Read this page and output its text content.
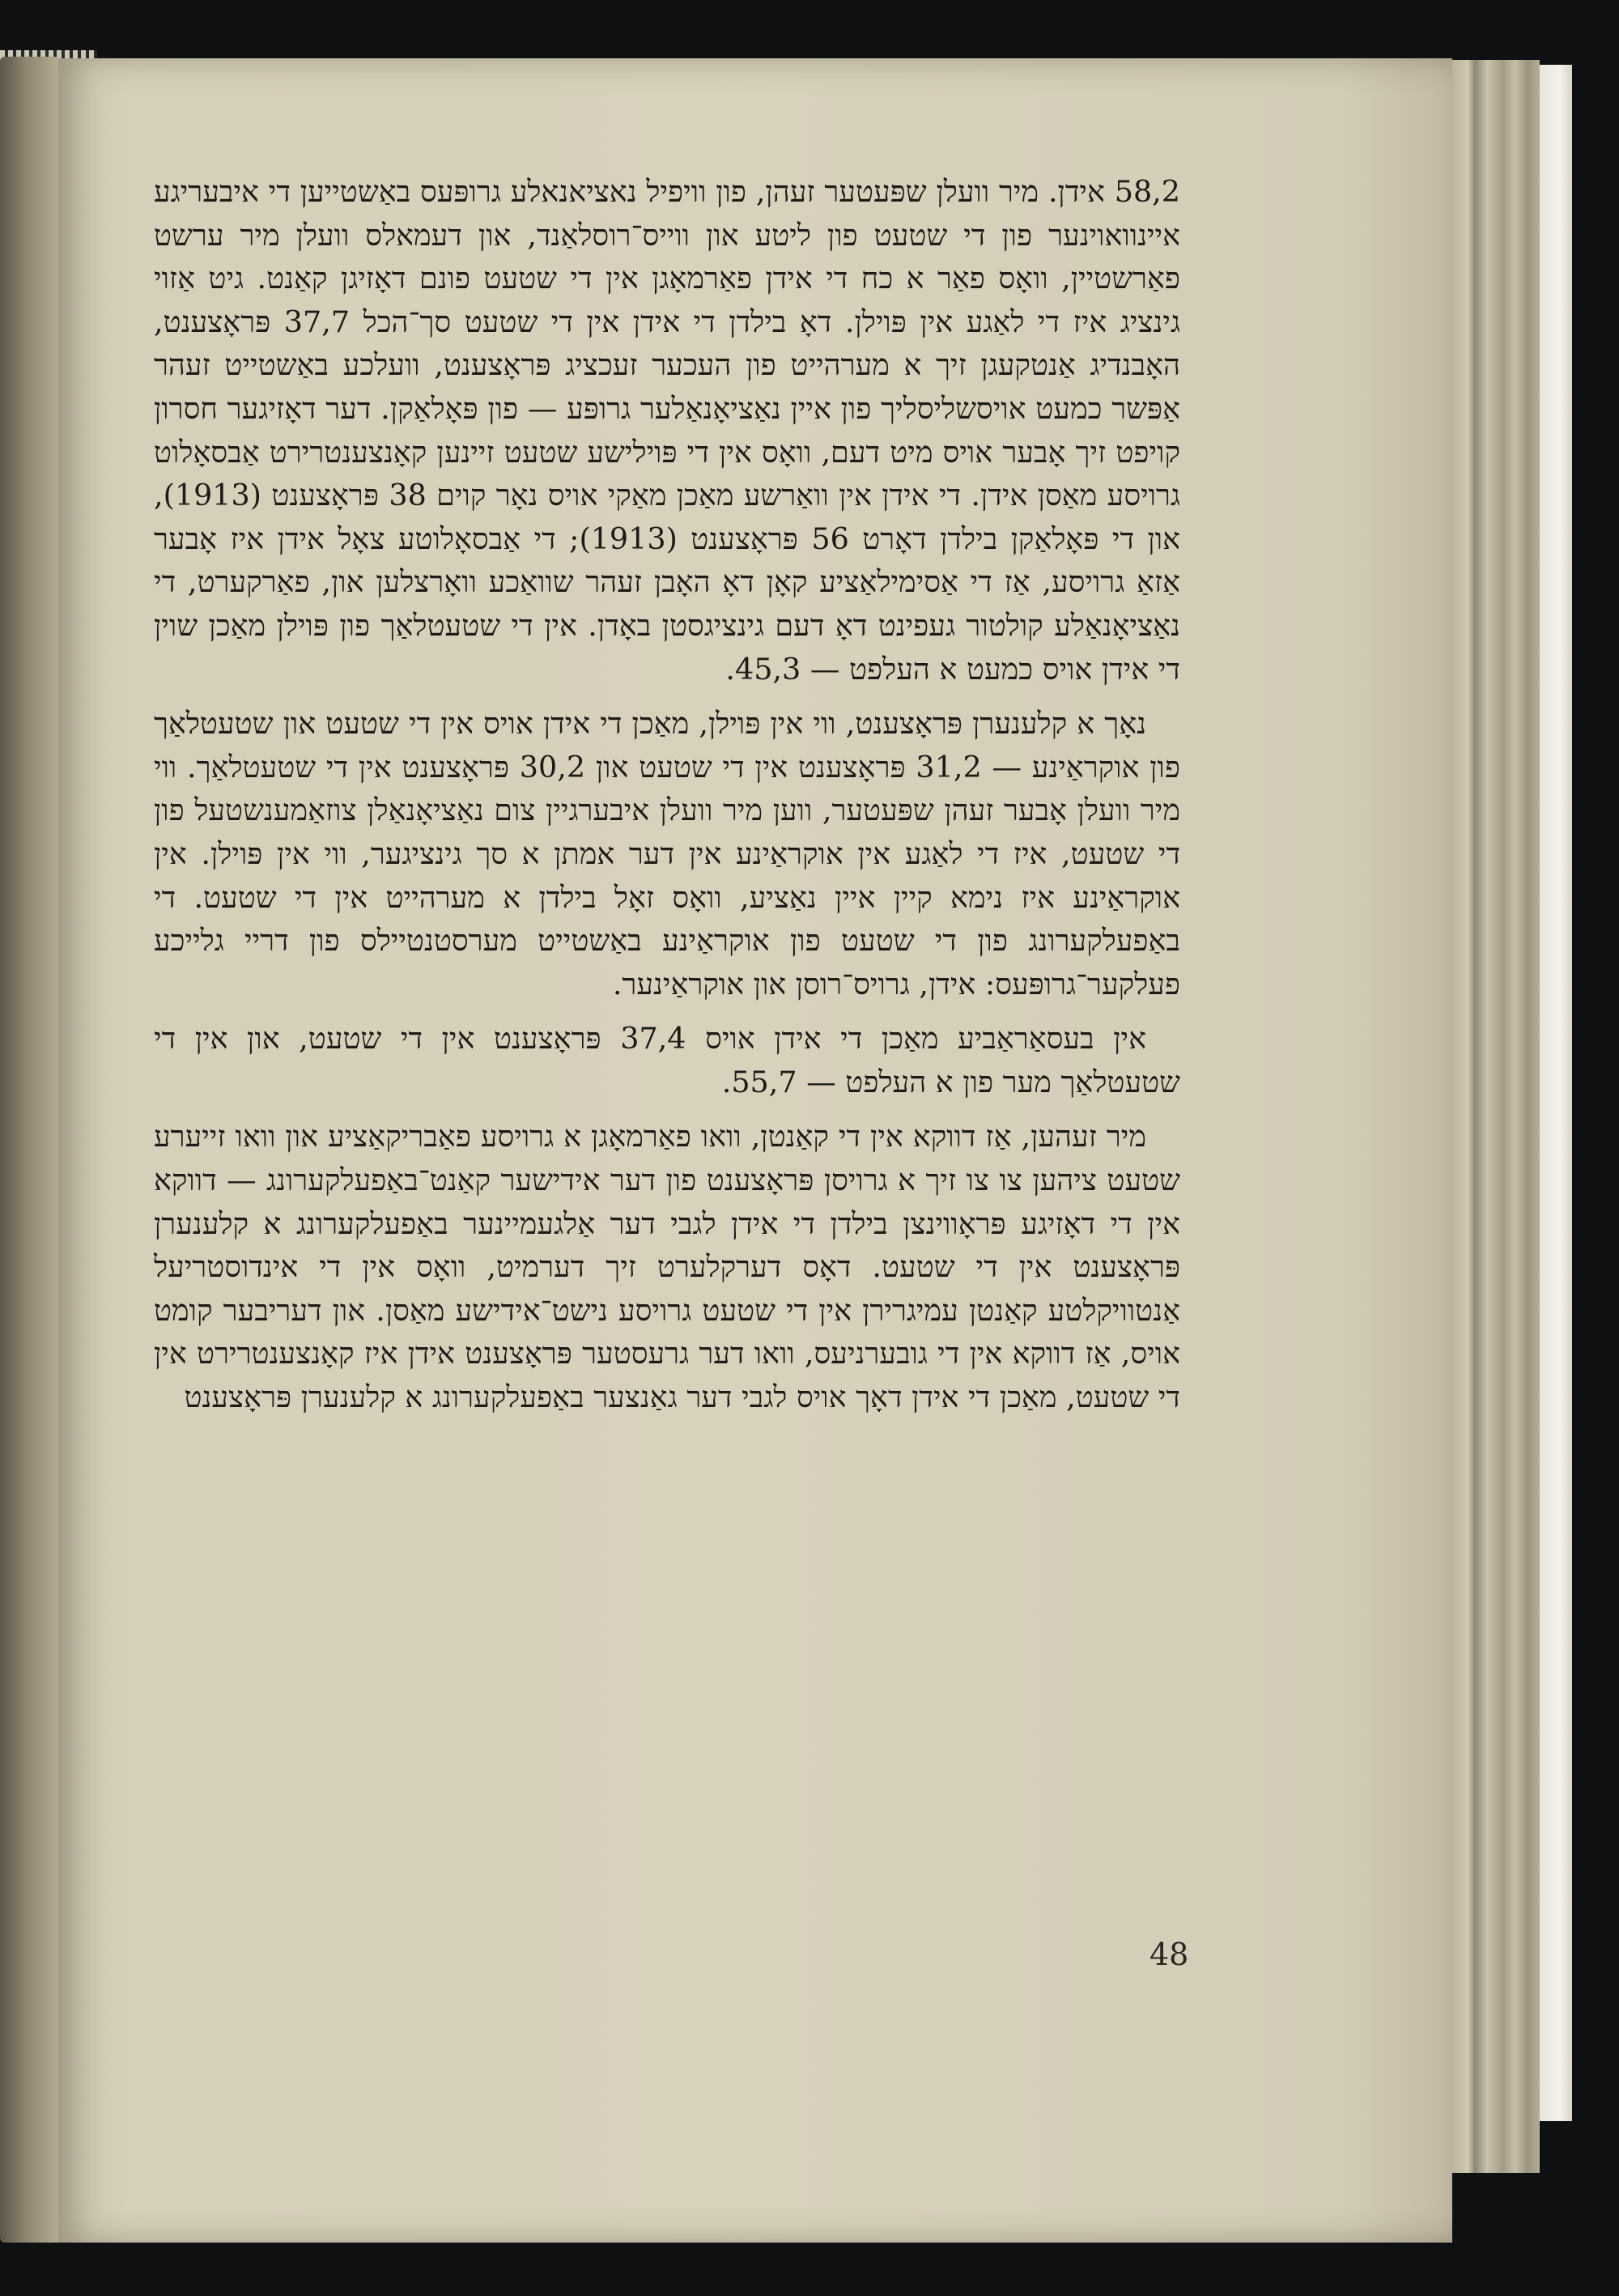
58,2 אידן. מיר וועלן שפּעטער זעהן, פון וויפיל נאציאנאלע גרופּעס באַשטייען די איבעריגע איינוואוינער פון די שטעט פון ליטע און ווייס־רוסלאַנד, און דעמאלס וועלן מיר ערשט פאַרשטיין, וואָס פאַר א כח די אידן פאַרמאָגן אין די שטעט פונם דאָזיגן קאַנט. גיט אַזוי גינציג איז די לאַגע אין פּוילן. דאָ בילדן די אידן אין די שטעט סך־הכל 37,7 פּראָצענט, האָבנדיג אַנטקעגן זיך א מערהייט פון העכער זעכציג פּראָצענט, וועלכע באַשטייט זעהר אַפּשר כמעט אויסשליסליך פון איין נאַציאָנאַלער גרופּע — פון פּאָלאַקן. דער דאָזיגער חסרון קויפט זיך אָבער אויס מיט דעם, וואָס אין די פּוילישע שטעט זיינען קאָנצענטרירט אַבסאָלוט גרויסע מאַסן אידן. די אידן אין וואַרשע מאַכן מאַקי אויס נאָר קוים 38 פּראָצענט (1913), און די פּאָלאַקן בילדן דאָרט 56 פּראָצענט (1913); די אַבסאָלוטע צאָל אידן איז אָבער אַזאַ גרויסע, אַז די אַסימילאַציע קאָן דאָ האָבן זעהר שוואַכע וואָרצלען און, פאַרקערט, די נאַציאָנאַלע קולטור געפינט דאָ דעם גינציגסטן באָדן. אין די שטעטלאַך פון פּוילן מאַכן שוין די אידן אויס כמעט א העלפט — 45,3.

נאָך א קלענערן פּראָצענט, ווי אין פּוילן, מאַכן די אידן אויס אין די שטעט און שטעטלאַך פון אוקראַינע — 31,2 פּראָצענט אין די שטעט און 30,2 פּראָצענט אין די שטעטלאַך. ווי מיר וועלן אָבער זעהן שפּעטער, ווען מיר וועלן איבערגיין צום נאַציאָנאַלן צוזאַמענשטעל פון די שטעט, איז די לאַגע אין אוקראַינע אין דער אמתן א סך גינציגער, ווי אין פּוילן. אין אוקראַינע איז נימא קיין איין נאַציע, וואָס זאָל בילדן א מערהייט אין די שטעט. די באַפעלקערונג פון די שטעט פון אוקראַינע באַשטייט מערסטנטיילס פון דריי גלייכע פעלקער־גרופּעס: אידן, גרויס־רוסן און אוקראַינער.

אין בעסאַראַביע מאַכן די אידן אויס 37,4 פּראָצענט אין די שטעט, און אין די שטעטלאַך מער פון א העלפט — 55,7.

מיר זעהען, אַז דווקא אין די קאַנטן, וואו פאַרמאָגן א גרויסע פאַבריקאַציע און וואו זייערע שטעט ציהען צו צו זיך א גרויסן פּראָצענט פון דער אידישער קאַנט־באַפעלקערונג — דווקא אין די דאָזיגע פּראָווינצן בילדן די אידן לגבי דער אַלגעמיינער באַפעלקערונג א קלענערן פּראָצענט אין די שטעט. דאָס דערקלערט זיך דערמיט, וואָס אין די אינדוסטריעל אַנטוויקלטע קאַנטן עמיגרירן אין די שטעט גרויסע נישט־אידישע מאַסן. און דעריבער קומט אויס, אַז דווקא אין די גובערניעס, וואו דער גרעסטער פּראָצענט אידן איז קאָנצענטרירט אין די שטעט, מאַכן די אידן דאָך אויס לגבי דער גאַנצער באַפעלקערונג א קלענערן פּראָצענט

48
